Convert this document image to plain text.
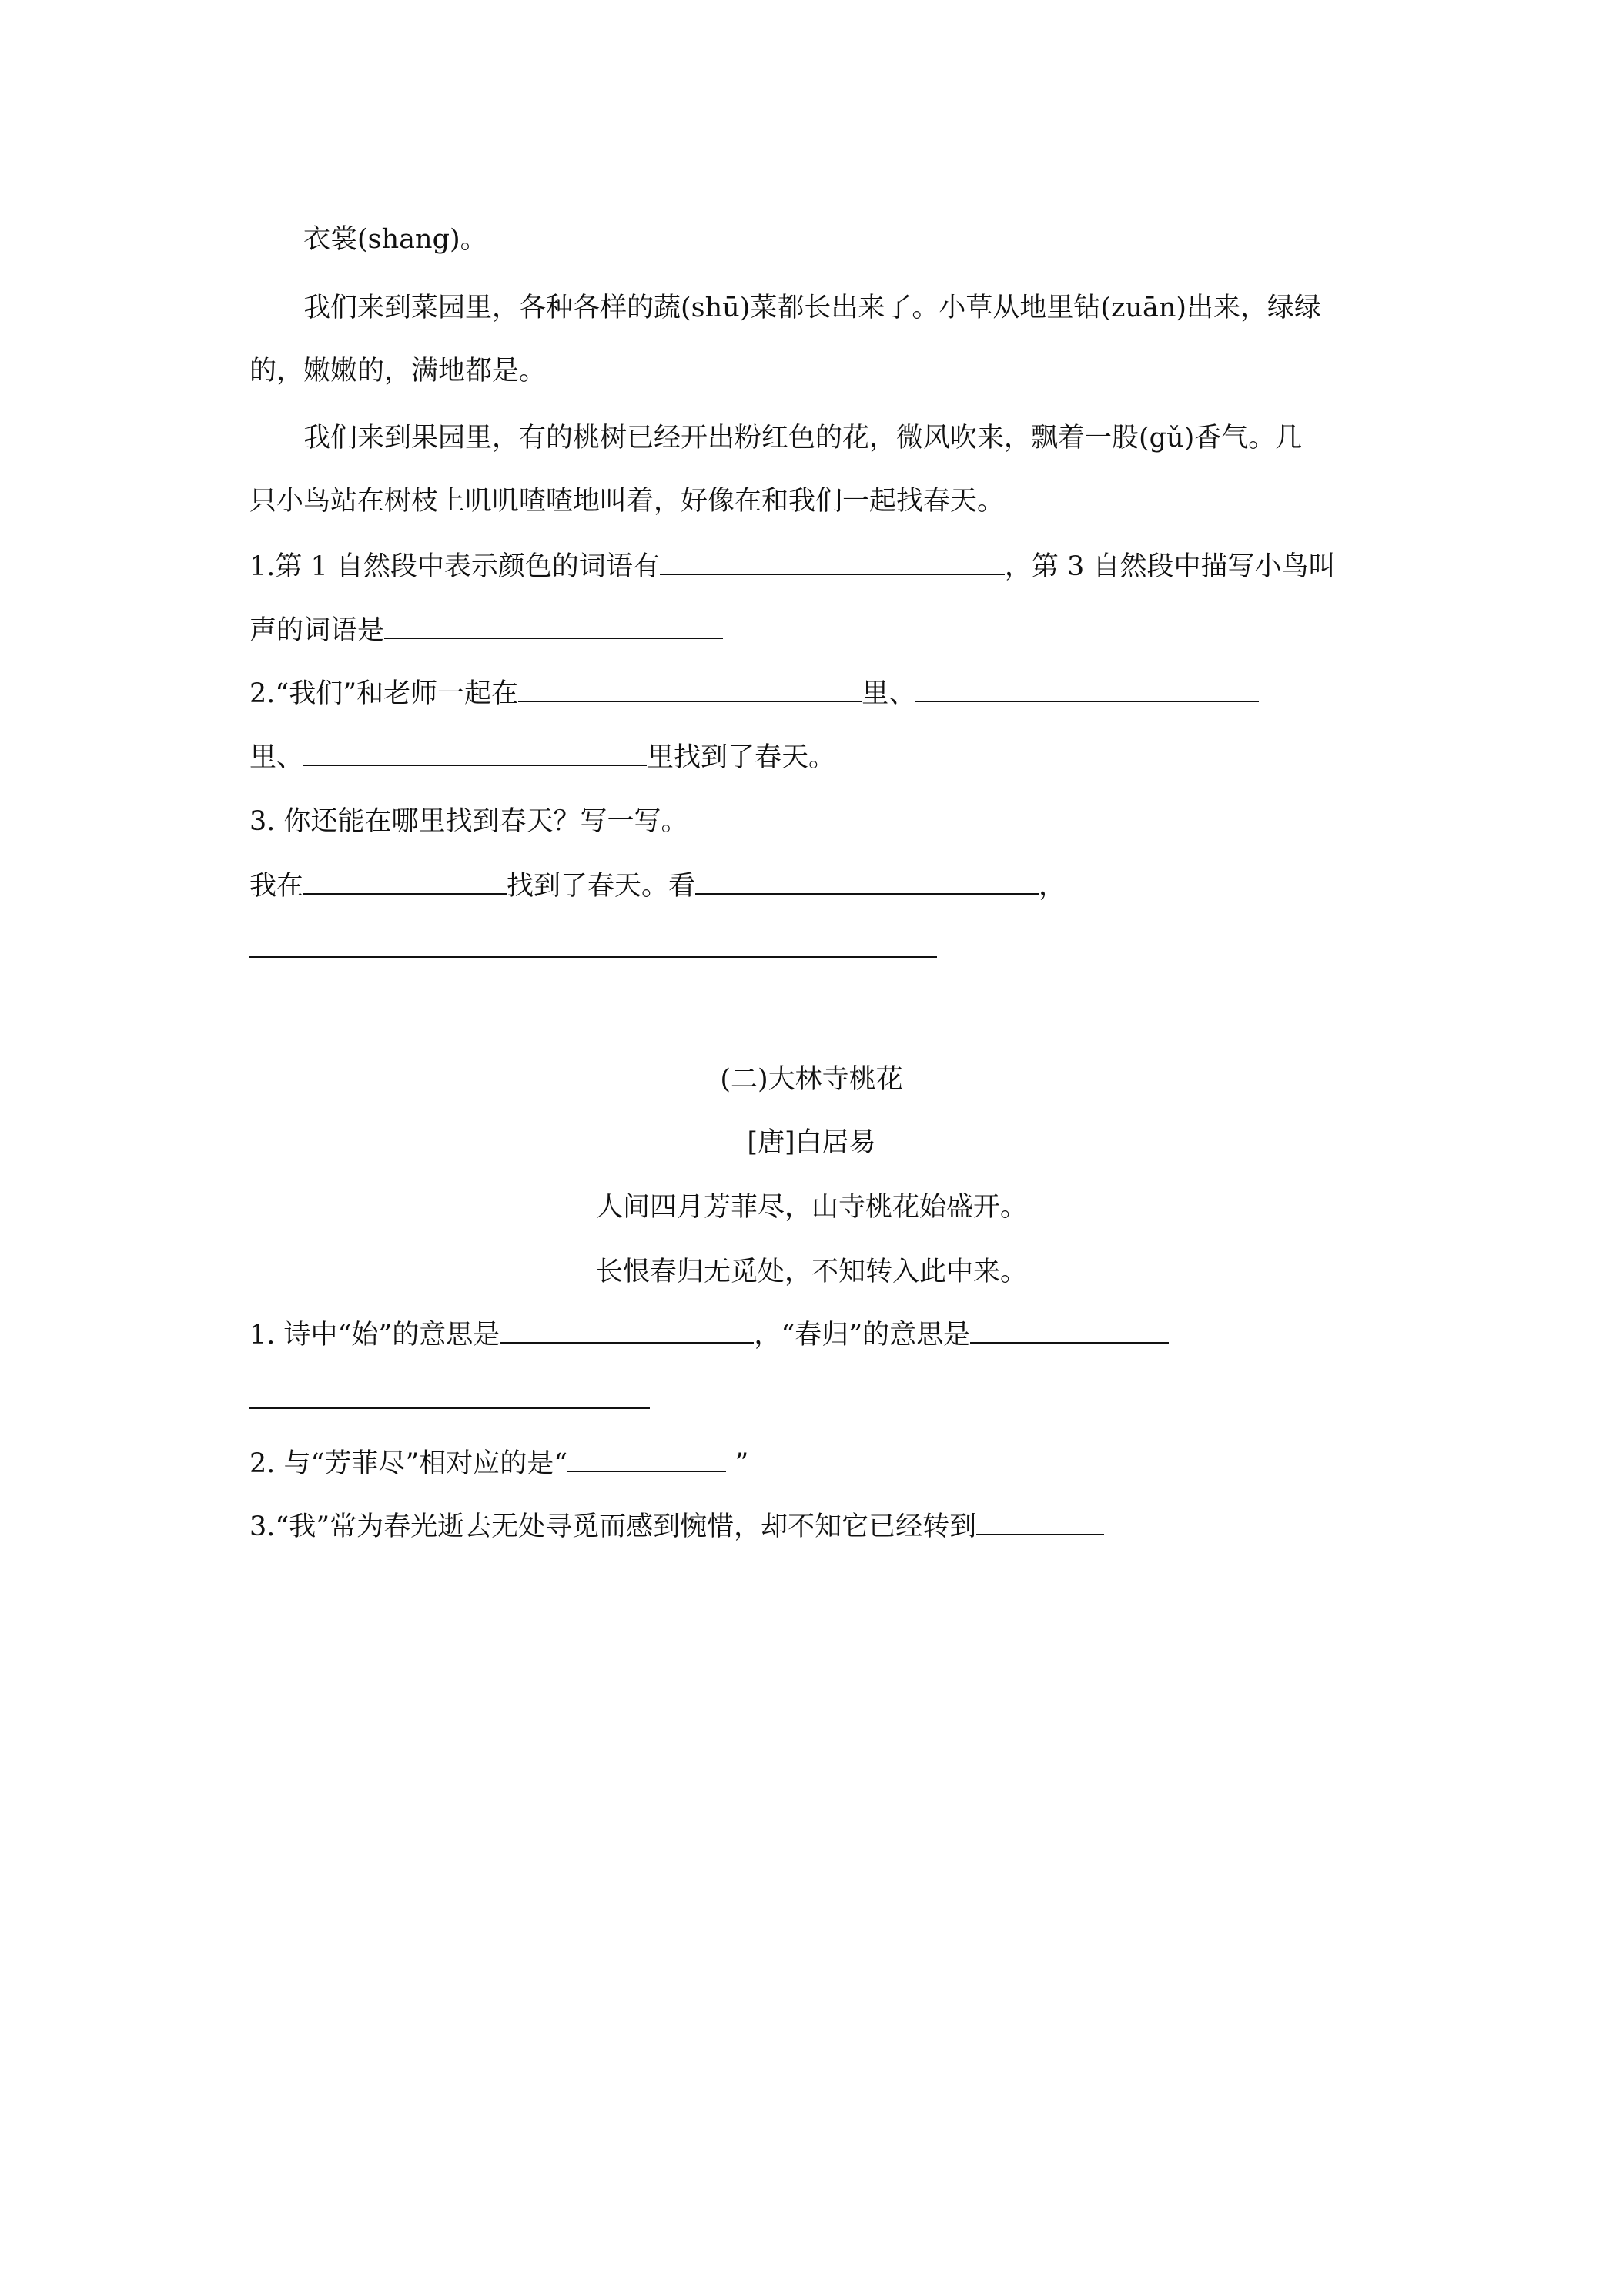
衣裳(shang)。
我们来到菜园里，各种各样的蔬(shū)菜都长出来了。小草从地里钻(zuān)出来，绿绿
的，嫩嫩的，满地都是。
我们来到果园里，有的桃树已经开出粉红色的花，微风吹来，飘着一股(gǔ)香气。几
只小鸟站在树枝上叽叽喳喳地叫着，好像在和我们一起找春天。
1.第 1 自然段中表示颜色的词语有	，第 3 自然段中描写小鸟叫
声的词语是
2.“我们”和老师一起在	里、
里、	里找到了春天。
3. 你还能在哪里找到春天？写一写。
我在	找到了春天。看	，
(二)大林寺桃花
[唐]白居易
人间四月芳菲尽，山寺桃花始盛开。
长恨春归无觅处，不知转入此中来。
1. 诗中“始”的意思是	，“春归”的意思是
2. 与“芳菲尽”相对应的是“	”
3.“我”常为春光逝去无处寻觅而感到惋惜，却不知它已经转到
